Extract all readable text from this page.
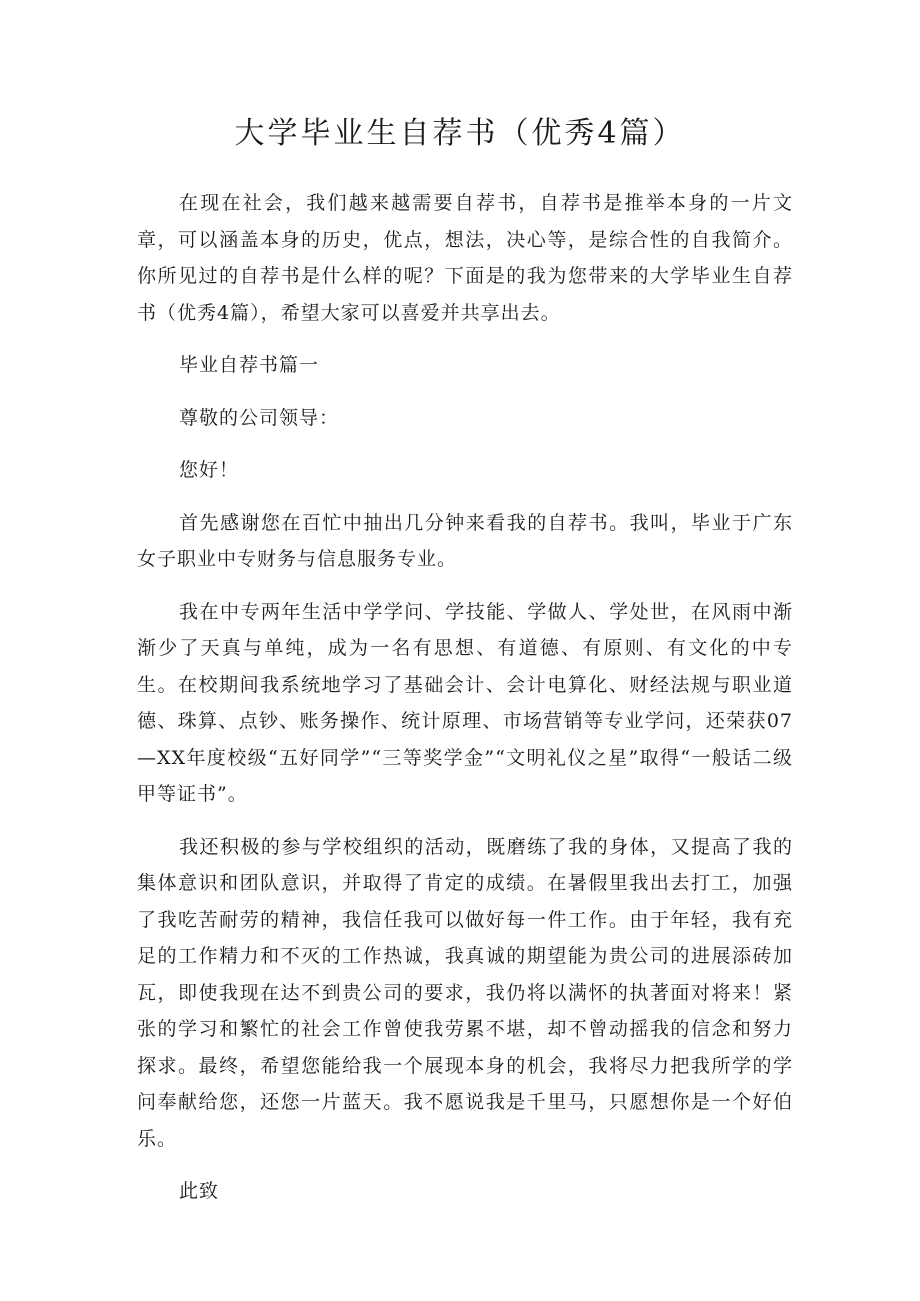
大学毕业生自荐书（优秀4篇）

在现在社会，我们越来越需要自荐书，自荐书是推举本身的一片文章，可以涵盖本身的历史，优点，想法，决心等，是综合性的自我简介。你所见过的自荐书是什么样的呢？下面是的我为您带来的大学毕业生自荐书（优秀4篇），希望大家可以喜爱并共享出去。

毕业自荐书篇一

尊敬的公司领导：

您好！

首先感谢您在百忙中抽出几分钟来看我的自荐书。我叫，毕业于广东女子职业中专财务与信息服务专业。

我在中专两年生活中学学问、学技能、学做人、学处世，在风雨中渐渐少了天真与单纯，成为一名有思想、有道德、有原则、有文化的中专生。在校期间我系统地学习了基础会计、会计电算化、财经法规与职业道德、珠算、点钞、账务操作、统计原理、市场营销等专业学问，还荣获07—XX年度校级“五好同学”“三等奖学金”“文明礼仪之星”取得“一般话二级甲等证书”。

我还积极的参与学校组织的活动，既磨练了我的身体，又提高了我的集体意识和团队意识，并取得了肯定的成绩。在暑假里我出去打工，加强了我吃苦耐劳的精神，我信任我可以做好每一件工作。由于年轻，我有充足的工作精力和不灭的工作热诚，我真诚的期望能为贵公司的进展添砖加瓦，即使我现在达不到贵公司的要求，我仍将以满怀的执著面对将来！紧张的学习和繁忙的社会工作曾使我劳累不堪，却不曾动摇我的信念和努力探求。最终，希望您能给我一个展现本身的机会，我将尽力把我所学的学问奉献给您，还您一片蓝天。我不愿说我是千里马，只愿想你是一个好伯乐。

此致
